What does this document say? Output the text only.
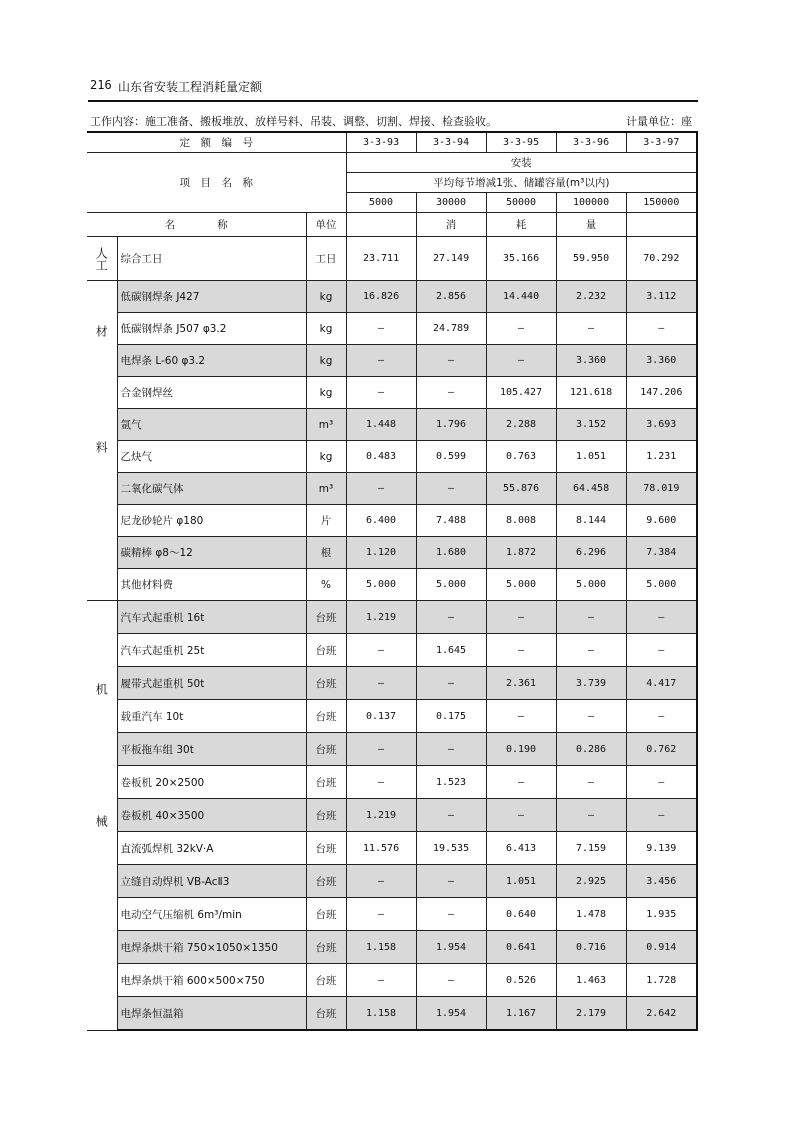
216 山东省安装工程消耗量定额
工作内容：施工准备、搬板堆放、放样号料、吊装、调整、切割、焊接、检查验收。	计量单位：座
定　额　编　号			3-3-93	3-3-94	3-3-95	3-3-96	3-3-97
项　目　名　称			安装				
			平均每节增减1张、储罐容量(m³以内)				
			5000	30000	50000	100000	150000
名　　　　称		单位		消	耗	量	
人工	综合工日	工日	23.711	27.149	35.166	59.950	70.292
材料	低碳钢焊条 J427	kg	16.826	2.856	14.440	2.232	3.112
	低碳钢焊条 J507 φ3.2	kg	—	24.789	—	—	—
	电焊条 L-60 φ3.2	kg	—	—	—	3.360	3.360
	合金钢焊丝	kg	—	—	105.427	121.618	147.206
	氩气	m³	1.448	1.796	2.288	3.152	3.693
	乙炔气	kg	0.483	0.599	0.763	1.051	1.231
	二氧化碳气体	m³	—	—	55.876	64.458	78.019
	尼龙砂轮片 φ180	片	6.400	7.488	8.008	8.144	9.600
	碳精棒 φ8～12	根	1.120	1.680	1.872	6.296	7.384
	其他材料费	%	5.000	5.000	5.000	5.000	5.000
机械	汽车式起重机 16t	台班	1.219	—	—	—	—
	汽车式起重机 25t	台班	—	1.645	—	—	—
	履带式起重机 50t	台班	—	—	2.361	3.739	4.417
	载重汽车 10t	台班	0.137	0.175	—	—	—
	平板拖车组 30t	台班	—	—	0.190	0.286	0.762
	卷板机 20×2500	台班	—	1.523	—	—	—
	卷板机 40×3500	台班	1.219	—	—	—	—
	直流弧焊机 32kV·A	台班	11.576	19.535	6.413	7.159	9.139
	立缝自动焊机 VB-AcⅡ3	台班	—	—	1.051	2.925	3.456
	电动空气压缩机 6m³/min	台班	—	—	0.640	1.478	1.935
	电焊条烘干箱 750×1050×1350	台班	1.158	1.954	0.641	0.716	0.914
	电焊条烘干箱 600×500×750	台班	—	—	0.526	1.463	1.728
	电焊条恒温箱	台班	1.158	1.954	1.167	2.179	2.642
